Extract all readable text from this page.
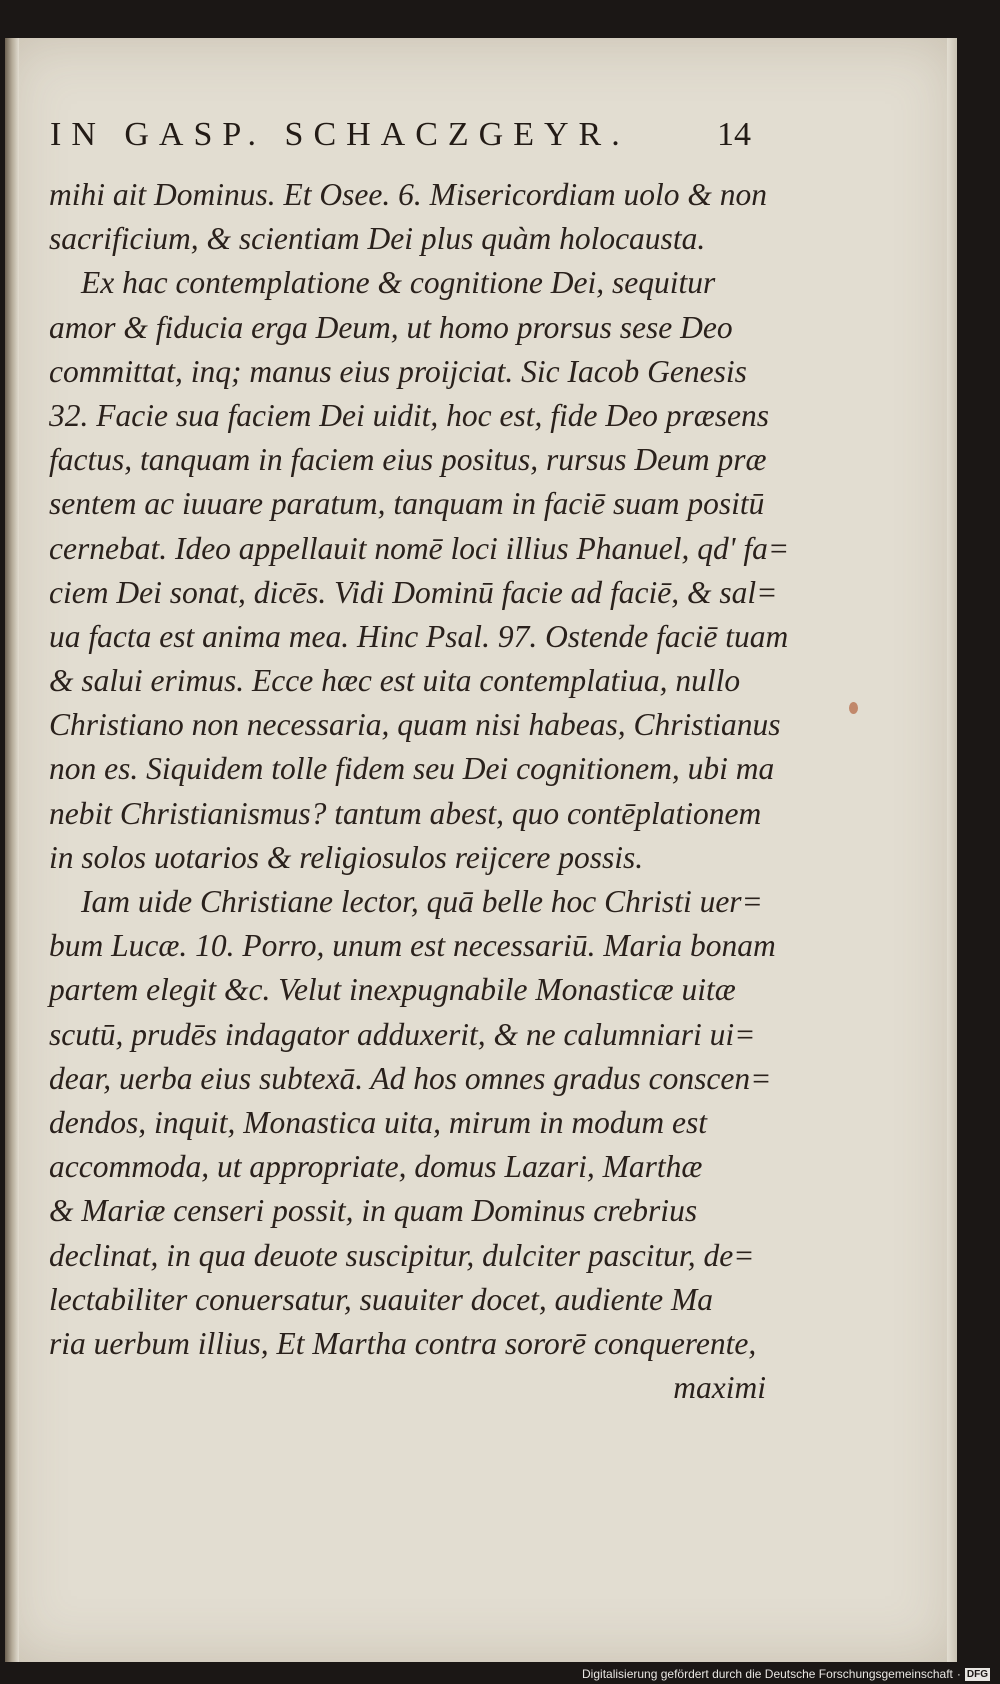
IN GASP. SCHACZGEYR.	14
mihi ait Dominus. Et Osee. 6. Misericordiam uolo & non
sacrificium, & scientiam Dei plus quàm holocausta.
Ex hac contemplatione & cognitione Dei, sequitur
amor & fiducia erga Deum, ut homo prorsus sese Deo
committat, inq; manus eius proijciat. Sic Iacob Genesis
32. Facie sua faciem Dei uidit, hoc est, fide Deo præsens
factus, tanquam in faciem eius positus, rursus Deum præ
sentem ac iuuare paratum, tanquam in faciē suam positū
cernebat. Ideo appellauit nomē loci illius Phanuel, qd' fa=
ciem Dei sonat, dicēs. Vidi Dominū facie ad faciē, & sal=
ua facta est anima mea. Hinc Psal. 97. Ostende faciē tuam
& salui erimus. Ecce hæc est uita contemplatiua, nullo
Christiano non necessaria, quam nisi habeas, Christianus
non es. Siquidem tolle fidem seu Dei cognitionem, ubi ma
nebit Christianismus? tantum abest, quo contēplationem
in solos uotarios & religiosulos reijcere possis.
Iam uide Christiane lector, quā belle hoc Christi uer=
bum Lucæ. 10. Porro, unum est necessariū. Maria bonam
partem elegit &c. Velut inexpugnabile Monasticæ uitæ
scutū, prudēs indagator adduxerit, & ne calumniari ui=
dear, uerba eius subtexā. Ad hos omnes gradus conscen=
dendos, inquit, Monastica uita, mirum in modum est
accommoda, ut appropriate, domus Lazari, Marthæ
& Mariæ censeri possit, in quam Dominus crebrius
declinat, in qua deuote suscipitur, dulciter pascitur, de=
lectabiliter conuersatur, suauiter docet, audiente Ma
ria uerbum illius, Et Martha contra sororē conquerente,
maximi
Digitalisierung gefördert durch die Deutsche Forschungsgemeinschaft · DFG
